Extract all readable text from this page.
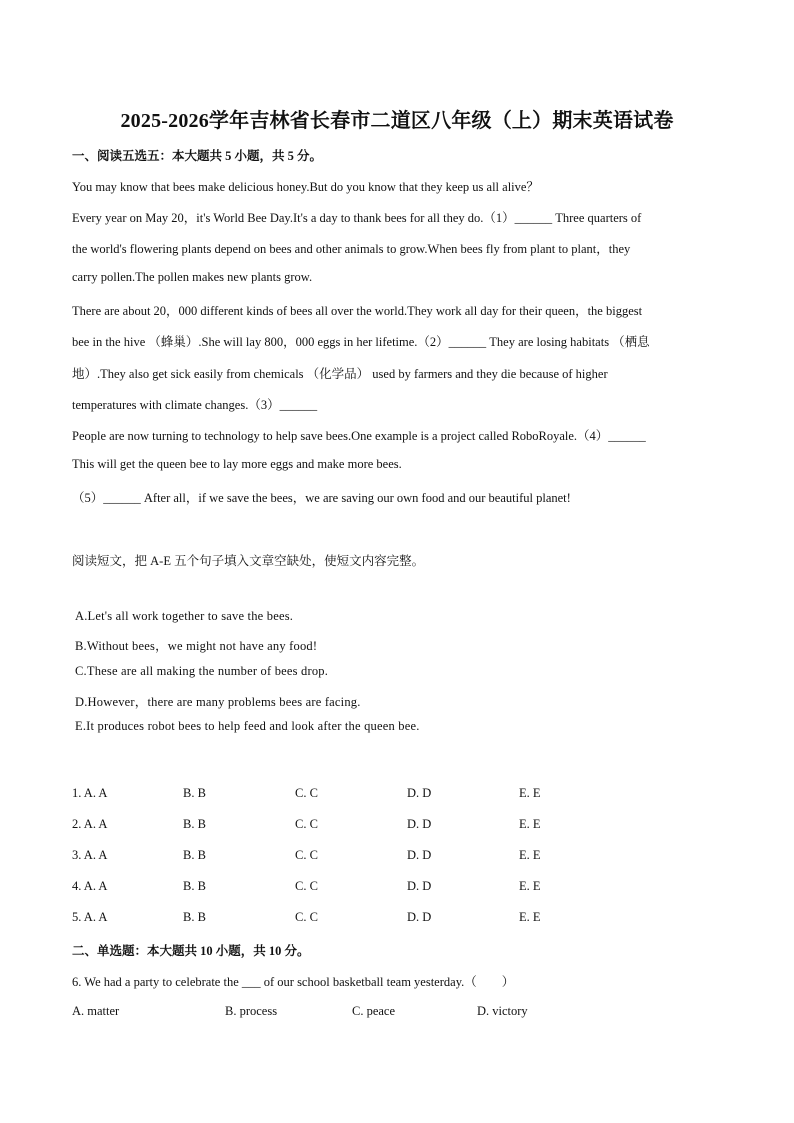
2025-2026学年吉林省长春市二道区八年级（上）期末英语试卷
一、阅读五选五：本大题共 5 小题，共 5 分。
You may know that bees make delicious honey.But do you know that they keep us all alive？
Every year on May 20，it's World Bee Day.It's a day to thank bees for all they do.（1）______ Three quarters of
the world's flowering plants depend on bees and other animals to grow.When bees fly from plant to plant，they
carry pollen.The pollen makes new plants grow.
There are about 20，000 different kinds of bees all over the world.They work all day for their queen，the biggest
bee in the hive （蜂巢）.She will lay 800，000 eggs in her lifetime.（2）______ They are losing habitats （栖息
地）.They also get sick easily from chemicals （化学品） used by farmers and they die because of higher
temperatures with climate changes.（3）______
People are now turning to technology to help save bees.One example is a project called RoboRoyale.（4）______
This will get the queen bee to lay more eggs and make more bees.
（5）______ After all，if we save the bees，we are saving our own food and our beautiful planet!
阅读短文，把 A-E 五个句子填入文章空缺处，使短文内容完整。
A.Let's all work together to save the bees.
B.Without bees，we might not have any food!
C.These are all making the number of bees drop.
D.However，there are many problems bees are facing.
E.It produces robot bees to help feed and look after the queen bee.
1. A. A	B. B	C. C	D. D	E. E
2. A. A	B. B	C. C	D. D	E. E
3. A. A	B. B	C. C	D. D	E. E
4. A. A	B. B	C. C	D. D	E. E
5. A. A	B. B	C. C	D. D	E. E
二、单选题：本大题共 10 小题，共 10 分。
6. We had a party to celebrate the ___ of our school basketball team yesterday.（　　）
A. matter	B. process	C. peace	D. victory
